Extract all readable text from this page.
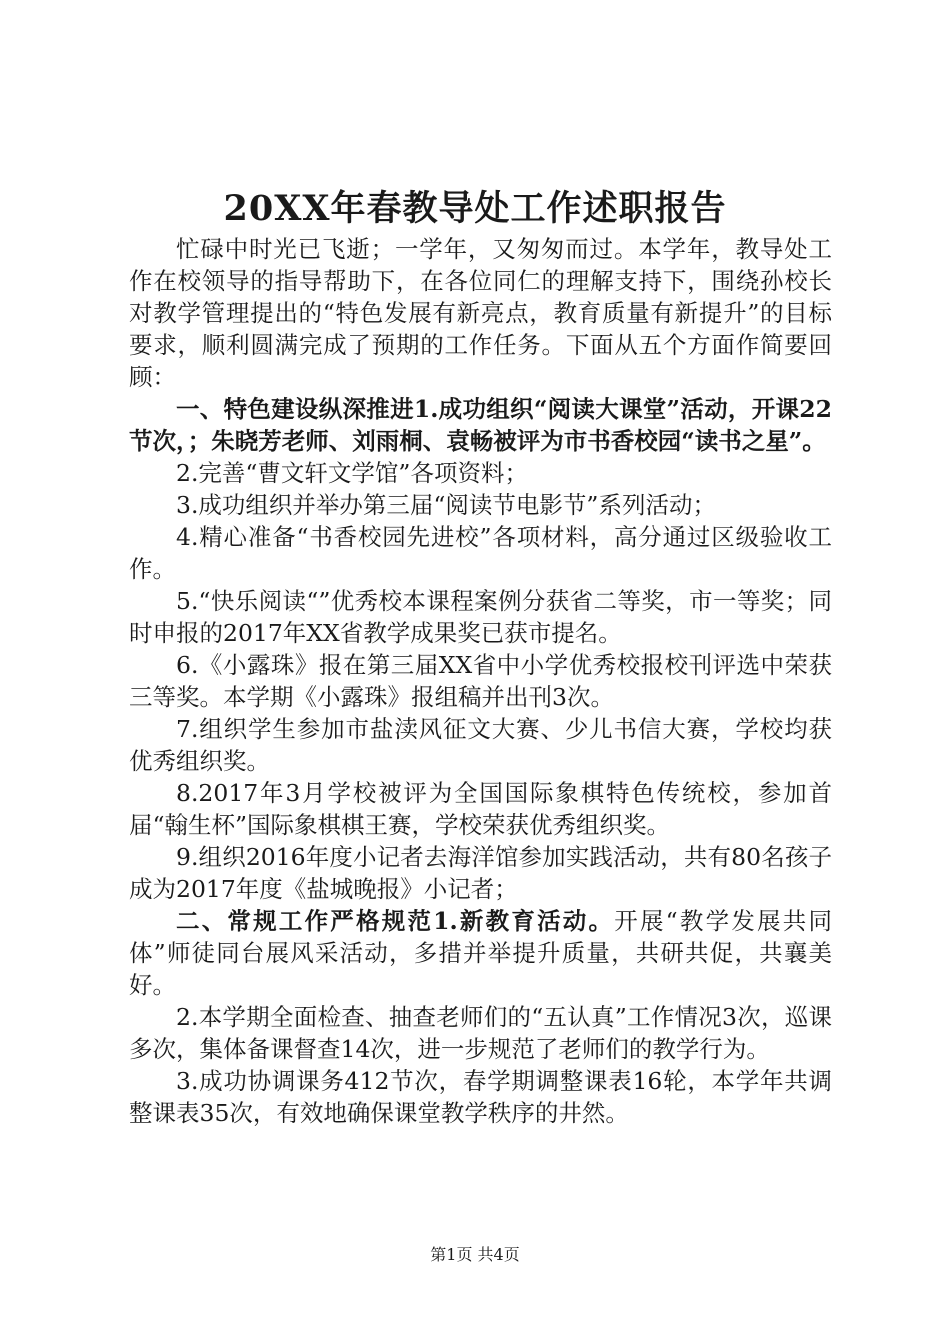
20XX年春教导处工作述职报告

忙碌中时光已飞逝；一学年，又匆匆而过。本学年，教导处工作在校领导的指导帮助下，在各位同仁的理解支持下，围绕孙校长对教学管理提出的“特色发展有新亮点，教育质量有新提升”的目标要求，顺利圆满完成了预期的工作任务。下面从五个方面作简要回顾：

一、特色建设纵深推进1.成功组织“阅读大课堂”活动，开课22节次，；朱晓芳老师、刘雨桐、袁畅被评为市书香校园“读书之星”。

2.完善“曹文轩文学馆”各项资料；

3.成功组织并举办第三届“阅读节电影节”系列活动；

4.精心准备“书香校园先进校”各项材料，高分通过区级验收工作。

5.“快乐阅读“”优秀校本课程案例分获省二等奖，市一等奖；同时申报的2017年XX省教学成果奖已获市提名。

6.《小露珠》报在第三届XX省中小学优秀校报校刊评选中荣获三等奖。本学期《小露珠》报组稿并出刊3次。

7.组织学生参加市盐渎风征文大赛、少儿书信大赛，学校均获优秀组织奖。

8.2017年3月学校被评为全国国际象棋特色传统校，参加首届“翰生杯”国际象棋棋王赛，学校荣获优秀组织奖。

9.组织2016年度小记者去海洋馆参加实践活动，共有80名孩子成为2017年度《盐城晚报》小记者；

二、常规工作严格规范1.新教育活动。开展“教学发展共同体”师徒同台展风采活动，多措并举提升质量，共研共促，共襄美好。

2.本学期全面检查、抽查老师们的“五认真”工作情况3次，巡课多次，集体备课督查14次，进一步规范了老师们的教学行为。

3.成功协调课务412节次，春学期调整课表16轮，本学年共调整课表35次，有效地确保课堂教学秩序的井然。

第1页 共4页
